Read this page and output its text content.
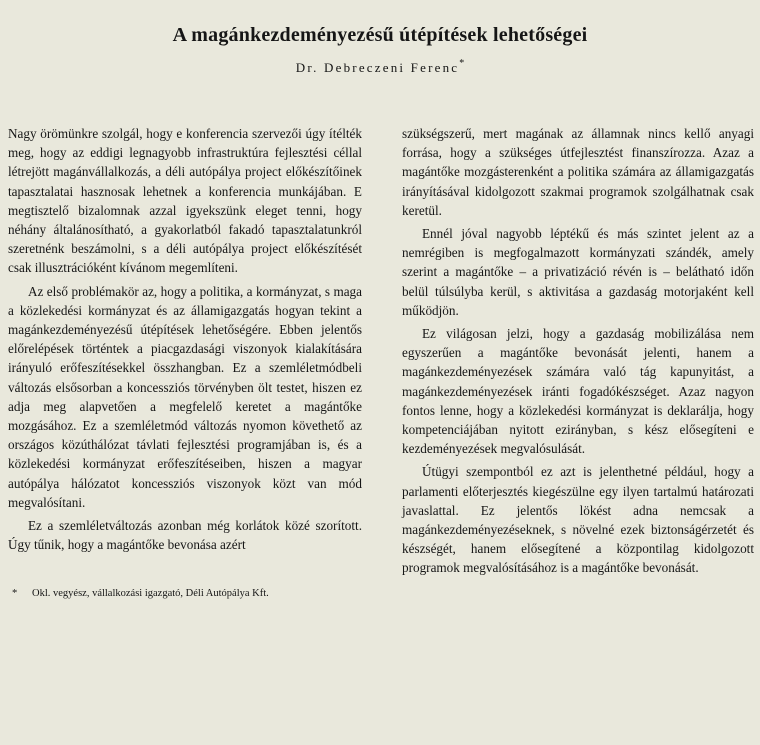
A magánkezdeményezésű útépítések lehetőségei
Dr. Debreczeni Ferenc*

Nagy örömünkre szolgál, hogy e konferencia szervezői úgy ítélték meg, hogy az eddigi legnagyobb infrastruktúra fejlesztési céllal létrejött magánvállalkozás, a déli autópálya project előkészítőinek tapasztalatai hasznosak lehetnek a konferencia munkájában. E megtisztelő bizalomnak azzal igyekszünk eleget tenni, hogy néhány általánosítható, a gyakorlatból fakadó tapasztalatunkról szeretnénk beszámolni, s a déli autópálya project előkészítését csak illusztrációként kívánom megemlíteni.

Az első problémakör az, hogy a politika, a kormányzat, s maga a közlekedési kormányzat és az államigazgatás hogyan tekint a magánkezdeményezésű útépítések lehetőségére. Ebben jelentős előrelépések történtek a piacgazdasági viszonyok kialakítására irányuló erőfeszítésekkel összhangban. Ez a szemléletmódbeli változás elsősorban a koncessziós törvényben ölt testet, hiszen ez adja meg alapvetően a megfelelő keretet a magántőke mozgásához. Ez a szemléletmód változás nyomon követhető az országos közúthálózat távlati fejlesztési programjában is, és a közlekedési kormányzat erőfeszítéseiben, hiszen a magyar autópálya hálózatot koncessziós viszonyok közt van mód megvalósítani.

Ez a szemléletváltozás azonban még korlátok közé szorított. Úgy tűnik, hogy a magántőke bevonása azért

szükségszerű, mert magának az államnak nincs kellő anyagi forrása, hogy a szükséges útfejlesztést finanszírozza. Azaz a magántőke mozgásterenként a politika számára az államigazgatás irányításával kidolgozott szakmai programok szolgálhatnak csak keretül.

Ennél jóval nagyobb léptékű és más szintet jelent az a nemrégiben is megfogalmazott kormányzati szándék, amely szerint a magántőke – a privatizáció révén is – belátható időn belül túlsúlyba kerül, s aktivitása a gazdaság motorjaként kell működjön.

Ez világosan jelzi, hogy a gazdaság mobilizálása nem egyszerűen a magántőke bevonását jelenti, hanem a magánkezdeményezések számára való tág kapunyitást, a magánkezdeményezések iránti fogadókészséget. Azaz nagyon fontos lenne, hogy a közlekedési kormányzat is deklarálja, hogy kompetenciájában nyitott ezirányban, s kész elősegíteni e kezdeményezések megvalósulását.

Útügyi szempontból ez azt is jelenthetné például, hogy a parlamenti előterjesztés kiegészülne egy ilyen tartalmú határozati javaslattal. Ez jelentős lökést adna nemcsak a magánkezdeményezéseknek, s növelné ezek biztonságérzetét és készségét, hanem elősegítené a központilag kidolgozott programok megvalósításához is a magántőke bevonását.

* Okl. vegyész, vállalkozási igazgató, Déli Autópálya Kft.
